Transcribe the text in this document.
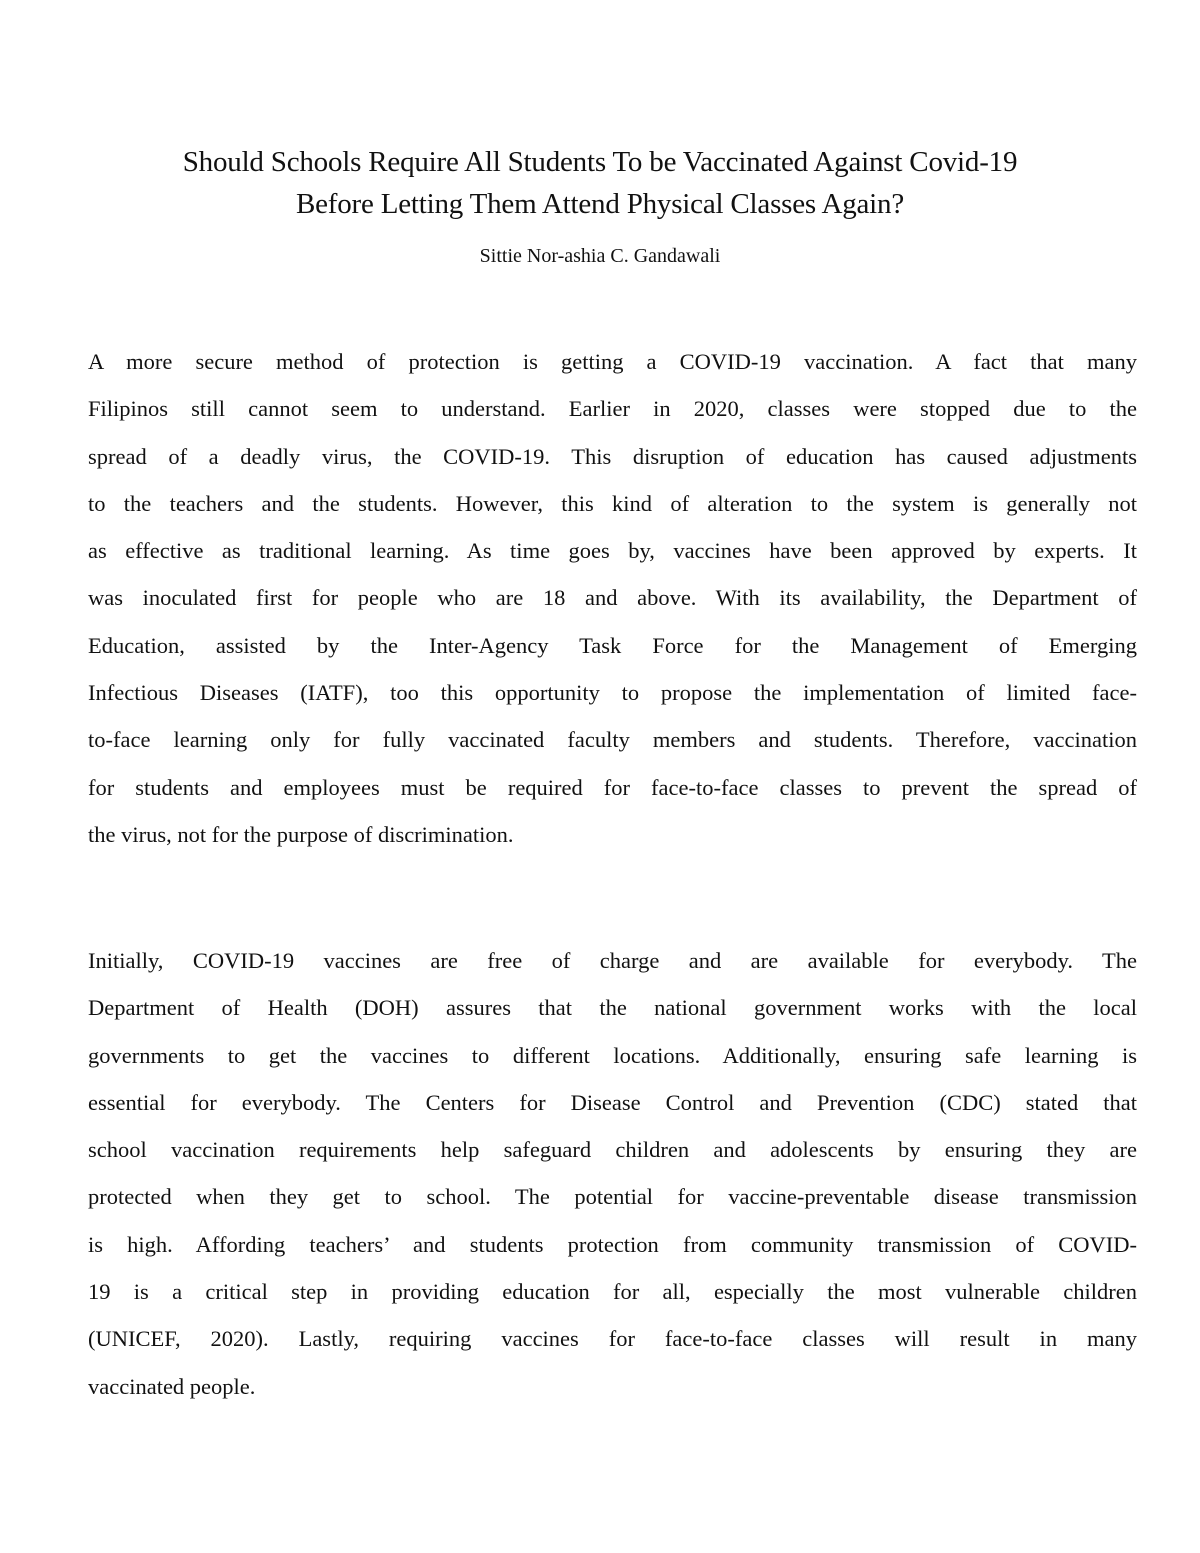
Should Schools Require All Students To be Vaccinated Against Covid-19
Before Letting Them Attend Physical Classes Again?

Sittie Nor-ashia C. Gandawali

A more secure method of protection is getting a COVID-19 vaccination. A fact that many
Filipinos still cannot seem to understand. Earlier in 2020, classes were stopped due to the
spread of a deadly virus, the COVID-19. This disruption of education has caused adjustments
to the teachers and the students. However, this kind of alteration to the system is generally not
as effective as traditional learning. As time goes by, vaccines have been approved by experts. It
was inoculated first for people who are 18 and above. With its availability, the Department of
Education, assisted by the Inter-Agency Task Force for the Management of Emerging
Infectious Diseases (IATF), too this opportunity to propose the implementation of limited face-
to-face learning only for fully vaccinated faculty members and students. Therefore, vaccination
for students and employees must be required for face-to-face classes to prevent the spread of
the virus, not for the purpose of discrimination.

Initially, COVID-19 vaccines are free of charge and are available for everybody. The
Department of Health (DOH) assures that the national government works with the local
governments to get the vaccines to different locations. Additionally, ensuring safe learning is
essential for everybody. The Centers for Disease Control and Prevention (CDC) stated that
school vaccination requirements help safeguard children and adolescents by ensuring they are
protected when they get to school. The potential for vaccine-preventable disease transmission
is high. Affording teachers’ and students protection from community transmission of COVID-
19 is a critical step in providing education for all, especially the most vulnerable children
(UNICEF, 2020). Lastly, requiring vaccines for face-to-face classes will result in many
vaccinated people.
